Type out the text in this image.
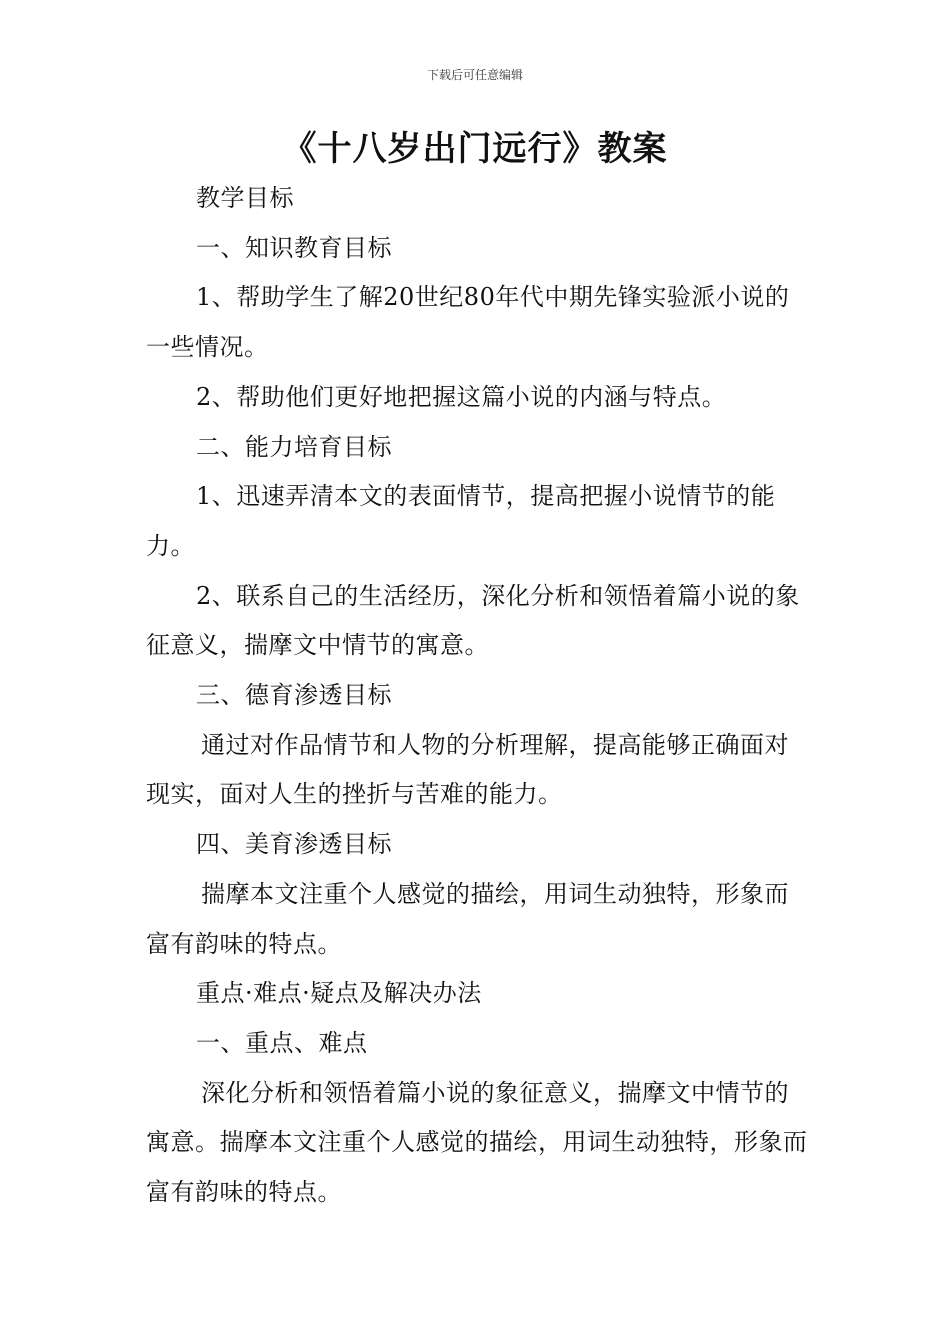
下载后可任意编辑
《十八岁出门远行》教案

教学目标

一、知识教育目标

1、帮助学生了解20世纪80年代中期先锋实验派小说的一些情况。

2、帮助他们更好地把握这篇小说的内涵与特点。

二、能力培育目标

1、迅速弄清本文的表面情节，提高把握小说情节的能力。

2、联系自己的生活经历，深化分析和领悟着篇小说的象征意义，揣摩文中情节的寓意。

三、德育渗透目标

通过对作品情节和人物的分析理解，提高能够正确面对现实，面对人生的挫折与苦难的能力。

四、美育渗透目标

揣摩本文注重个人感觉的描绘，用词生动独特，形象而富有韵味的特点。

重点·难点·疑点及解决办法

一、重点、难点

深化分析和领悟着篇小说的象征意义，揣摩文中情节的寓意。揣摩本文注重个人感觉的描绘，用词生动独特，形象而富有韵味的特点。
